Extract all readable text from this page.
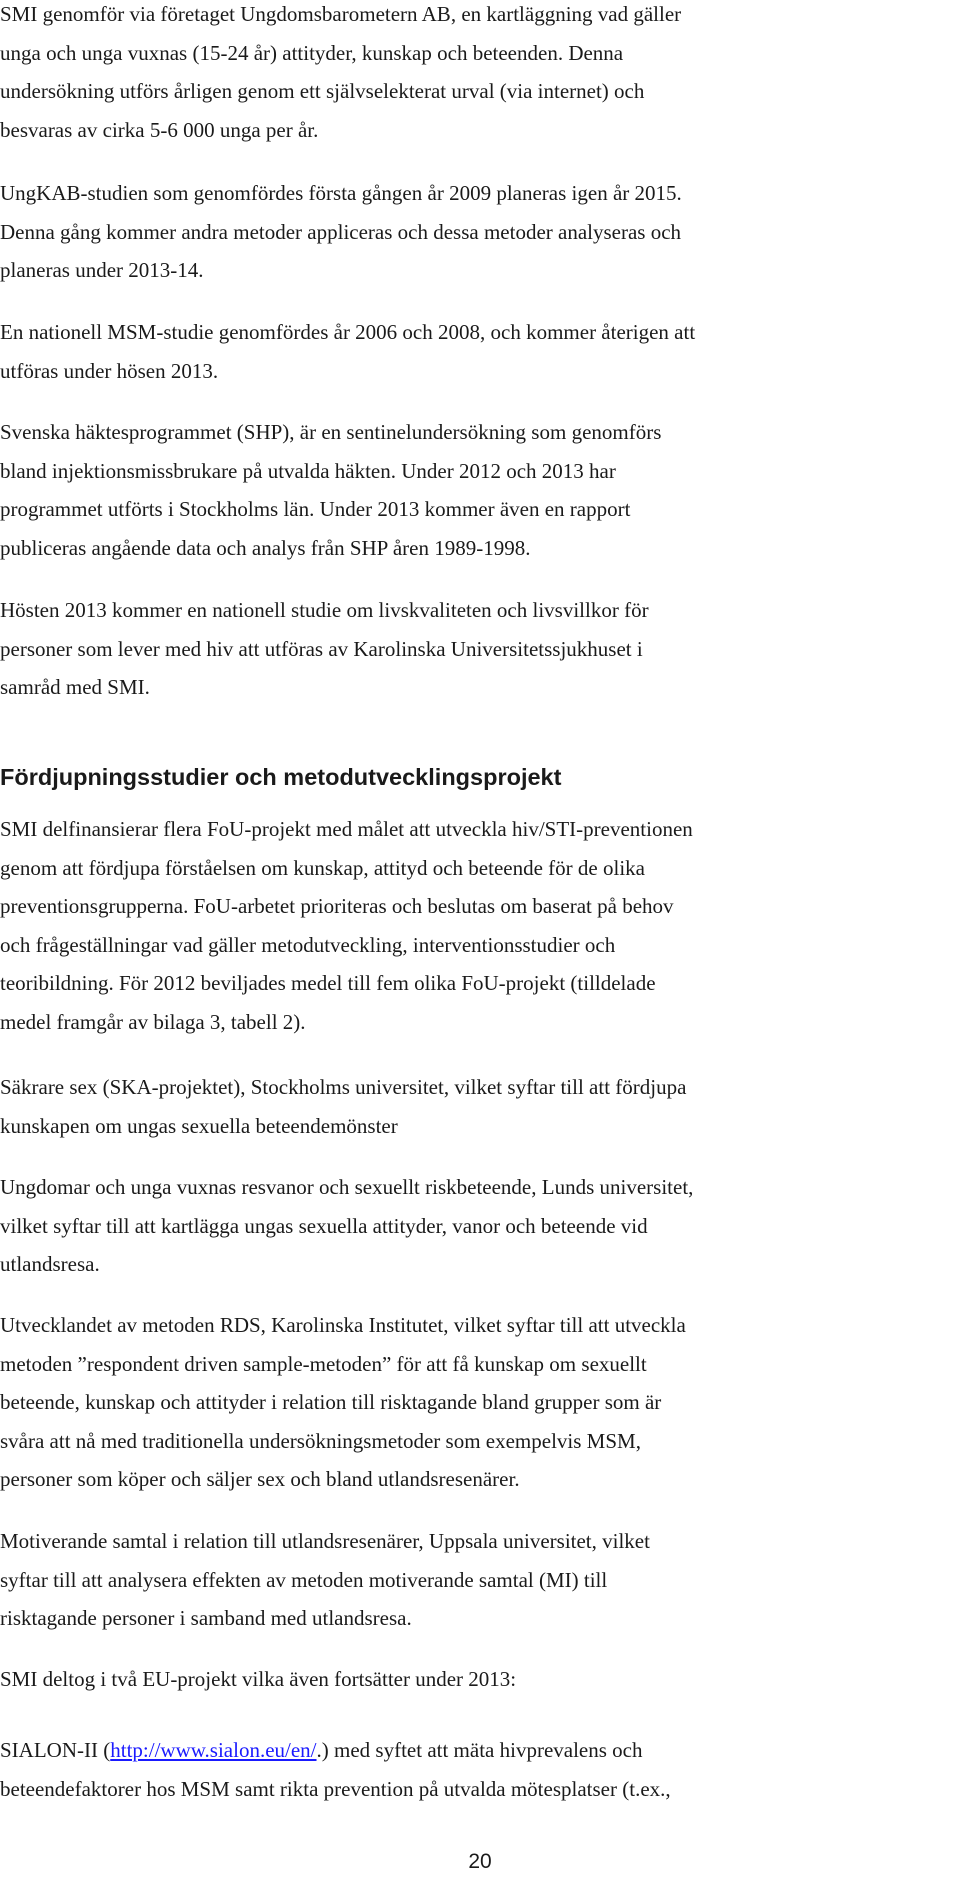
SMI genomför via företaget Ungdomsbarometern AB, en kartläggning vad gäller
unga och unga vuxnas (15-24 år) attityder, kunskap och beteenden. Denna
undersökning utförs årligen genom ett självselekterat urval (via internet) och
besvaras av cirka 5-6 000 unga per år.
UngKAB-studien som genomfördes första gången år 2009 planeras igen år 2015.
Denna gång kommer andra metoder appliceras och dessa metoder analyseras och
planeras under 2013-14.
En nationell MSM-studie genomfördes år 2006 och 2008, och kommer återigen att
utföras under hösen 2013.
Svenska häktesprogrammet (SHP), är en sentinelundersökning som genomförs
bland injektionsmissbrukare på utvalda häkten. Under 2012 och 2013 har
programmet utförts i Stockholms län. Under 2013 kommer även en rapport
publiceras angående data och analys från SHP åren 1989-1998.
Hösten 2013 kommer en nationell studie om livskvaliteten och livsvillkor för
personer som lever med hiv att utföras av Karolinska Universitetssjukhuset i
samråd med SMI.
Fördjupningsstudier och metodutvecklingsprojekt
SMI delfinansierar flera FoU-projekt med målet att utveckla hiv/STI-preventionen
genom att fördjupa förståelsen om kunskap, attityd och beteende för de olika
preventionsgrupperna. FoU-arbetet prioriteras och beslutas om baserat på behov
och frågeställningar vad gäller metodutveckling, interventionsstudier och
teoribildning. För 2012 beviljades medel till fem olika FoU-projekt (tilldelade
medel framgår av bilaga 3, tabell 2).
Säkrare sex (SKA-projektet), Stockholms universitet, vilket syftar till att fördjupa
kunskapen om ungas sexuella beteendemönster
Ungdomar och unga vuxnas resvanor och sexuellt riskbeteende, Lunds universitet,
vilket syftar till att kartlägga ungas sexuella attityder, vanor och beteende vid
utlandsresa.
Utvecklandet av metoden RDS, Karolinska Institutet, vilket syftar till att utveckla
metoden ”respondent driven sample-metoden” för att få kunskap om sexuellt
beteende, kunskap och attityder i relation till risktagande bland grupper som är
svåra att nå med traditionella undersökningsmetoder som exempelvis MSM,
personer som köper och säljer sex och bland utlandsresenärer.
Motiverande samtal i relation till utlandsresenärer, Uppsala universitet, vilket
syftar till att analysera effekten av metoden motiverande samtal (MI) till
risktagande personer i samband med utlandsresa.
SMI deltog i två EU-projekt vilka även fortsätter under 2013:
SIALON-II (http://www.sialon.eu/en/.) med syftet att mäta hivprevalens och
beteendefaktorer hos MSM samt rikta prevention på utvalda mötesplatser (t.ex.,
20
